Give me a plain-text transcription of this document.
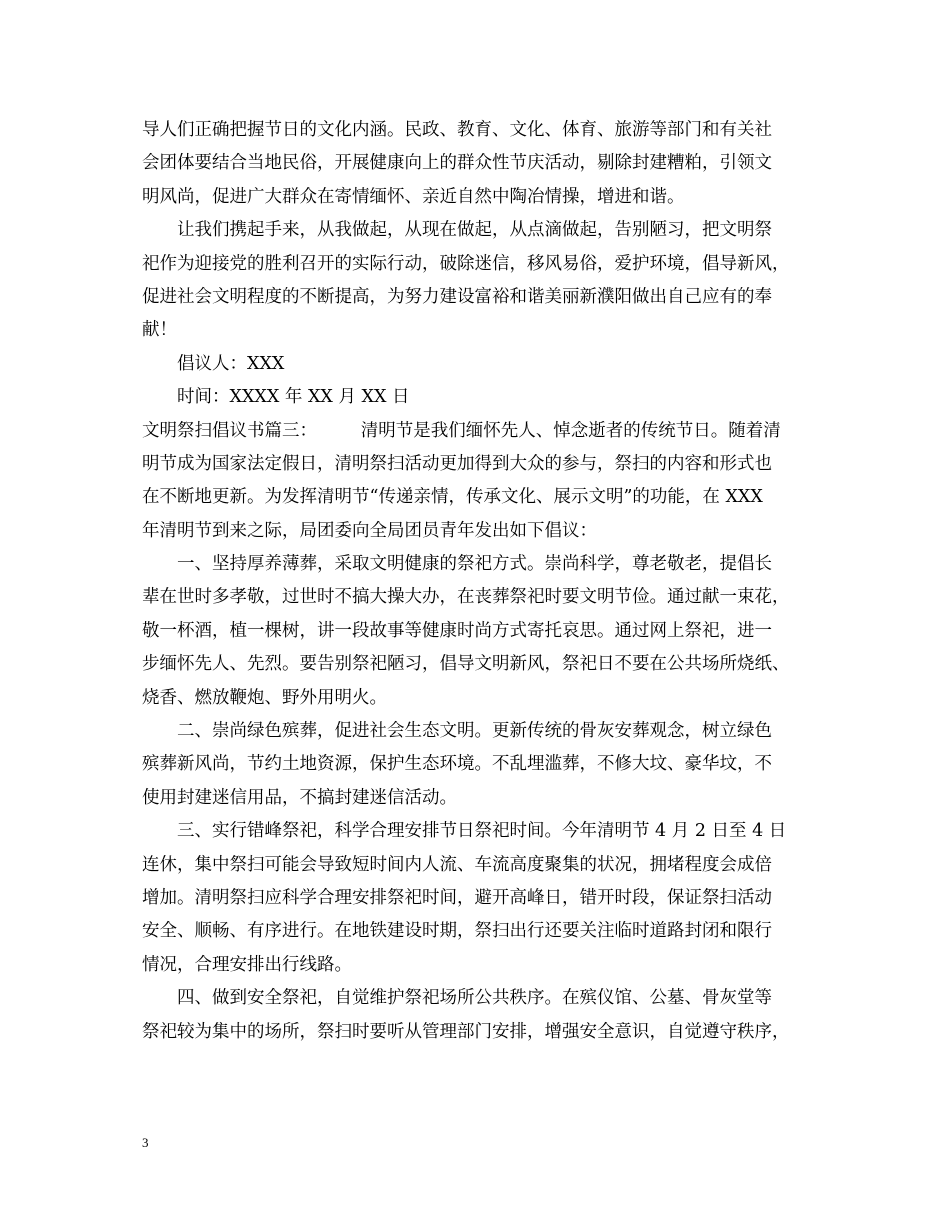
导人们正确把握节日的文化内涵。民政、教育、文化、体育、旅游等部门和有关社
会团体要结合当地民俗，开展健康向上的群众性节庆活动，剔除封建糟粕，引领文
明风尚，促进广大群众在寄情缅怀、亲近自然中陶冶情操，增进和谐。
让我们携起手来，从我做起，从现在做起，从点滴做起，告别陋习，把文明祭
祀作为迎接党的胜利召开的实际行动，破除迷信，移风易俗，爱护环境，倡导新风，
促进社会文明程度的不断提高，为努力建设富裕和谐美丽新濮阳做出自己应有的奉
献！
倡议人：XXX
时间：XXXX 年 XX 月 XX 日
文明祭扫倡议书篇三：　　　清明节是我们缅怀先人、悼念逝者的传统节日。随着清
明节成为国家法定假日，清明祭扫活动更加得到大众的参与，祭扫的内容和形式也
在不断地更新。为发挥清明节“传递亲情，传承文化、展示文明”的功能，在 XXX
年清明节到来之际，局团委向全局团员青年发出如下倡议：
一、坚持厚养薄葬，采取文明健康的祭祀方式。崇尚科学，尊老敬老，提倡长
辈在世时多孝敬，过世时不搞大操大办，在丧葬祭祀时要文明节俭。通过献一束花，
敬一杯酒，植一棵树，讲一段故事等健康时尚方式寄托哀思。通过网上祭祀，进一
步缅怀先人、先烈。要告别祭祀陋习，倡导文明新风，祭祀日不要在公共场所烧纸、
烧香、燃放鞭炮、野外用明火。
二、崇尚绿色殡葬，促进社会生态文明。更新传统的骨灰安葬观念，树立绿色
殡葬新风尚，节约土地资源，保护生态环境。不乱埋滥葬，不修大坟、豪华坟，不
使用封建迷信用品，不搞封建迷信活动。
三、实行错峰祭祀，科学合理安排节日祭祀时间。今年清明节 4 月 2 日至 4 日
连休，集中祭扫可能会导致短时间内人流、车流高度聚集的状况，拥堵程度会成倍
增加。清明祭扫应科学合理安排祭祀时间，避开高峰日，错开时段，保证祭扫活动
安全、顺畅、有序进行。在地铁建设时期，祭扫出行还要关注临时道路封闭和限行
情况，合理安排出行线路。
四、做到安全祭祀，自觉维护祭祀场所公共秩序。在殡仪馆、公墓、骨灰堂等
祭祀较为集中的场所，祭扫时要听从管理部门安排，增强安全意识，自觉遵守秩序，
3
